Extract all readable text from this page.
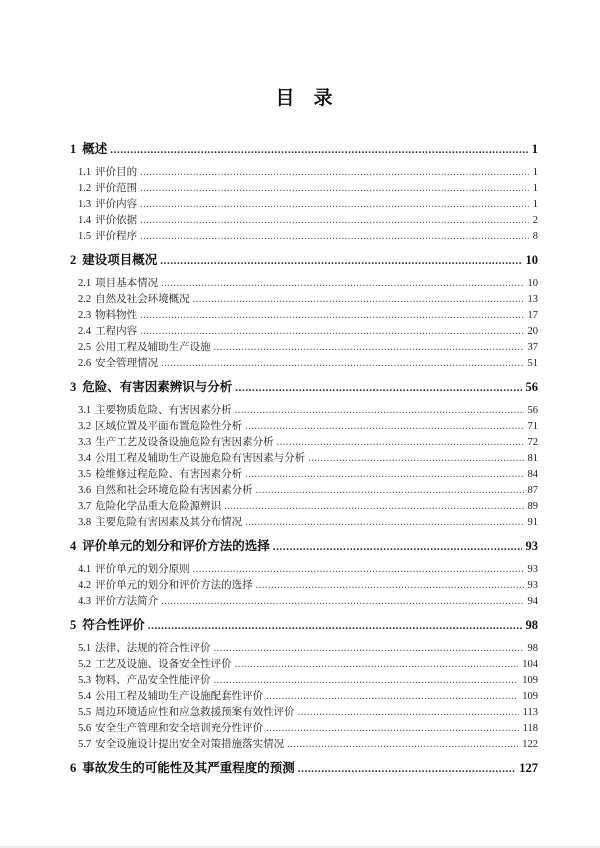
目　录
1 概述 .....	1
1.1 评价目的 .....	1
1.2 评价范围 .....	1
1.3 评价内容 .....	1
1.4 评价依据 .....	2
1.5 评价程序 .....	8
2 建设项目概况 .....	10
2.1 项目基本情况 .....	10
2.2 自然及社会环境概况 .....	13
2.3 物料物性 .....	17
2.4 工程内容 .....	20
2.5 公用工程及辅助生产设施 .....	37
2.6 安全管理情况 .....	51
3 危险、有害因素辨识与分析 .....	56
3.1 主要物质危险、有害因素分析 .....	56
3.2 区域位置及平面布置危险性分析 .....	71
3.3 生产工艺及设备设施危险有害因素分析 .....	72
3.4 公用工程及辅助生产设施危险有害因素与分析 .....	81
3.5 检维修过程危险、有害因素分析 .....	84
3.6 自然和社会环境危险有害因素分析 .....	87
3.7 危险化学品重大危险源辨识 .....	89
3.8 主要危险有害因素及其分布情况 .....	91
4 评价单元的划分和评价方法的选择 .....	93
4.1 评价单元的划分原则 .....	93
4.2 评价单元的划分和评价方法的选择 .....	93
4.3 评价方法简介 .....	94
5 符合性评价 .....	98
5.1 法律、法规的符合性评价 .....	98
5.2 工艺及设施、设备安全性评价 .....	104
5.3 物料、产品安全性能评价 .....	109
5.4 公用工程及辅助生产设施配套性评价 .....	109
5.5 周边环境适应性和应急救援预案有效性评价 .....	113
5.6 安全生产管理和安全培训充分性评价 .....	118
5.7 安全设施设计提出安全对策措施落实情况 .....	122
6 事故发生的可能性及其严重程度的预测 .....	127
